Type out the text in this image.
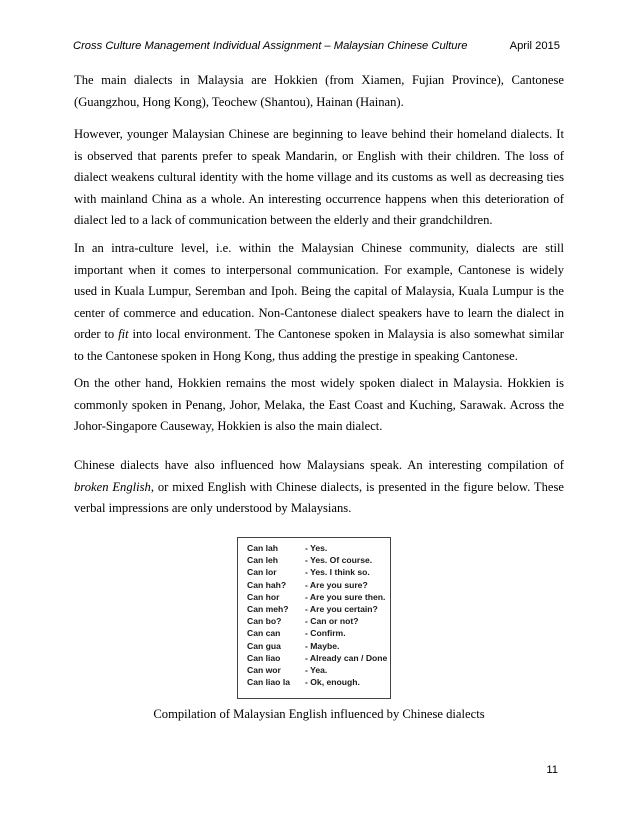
Cross Culture Management Individual Assignment – Malaysian Chinese Culture	April 2015

The main dialects in Malaysia are Hokkien (from Xiamen, Fujian Province), Cantonese (Guangzhou, Hong Kong), Teochew (Shantou), Hainan (Hainan).

However, younger Malaysian Chinese are beginning to leave behind their homeland dialects. It is observed that parents prefer to speak Mandarin, or English with their children. The loss of dialect weakens cultural identity with the home village and its customs as well as decreasing ties with mainland China as a whole. An interesting occurrence happens when this deterioration of dialect led to a lack of communication between the elderly and their grandchildren.

In an intra-culture level, i.e. within the Malaysian Chinese community, dialects are still important when it comes to interpersonal communication. For example, Cantonese is widely used in Kuala Lumpur, Seremban and Ipoh. Being the capital of Malaysia, Kuala Lumpur is the center of commerce and education. Non-Cantonese dialect speakers have to learn the dialect in order to fit into local environment. The Cantonese spoken in Malaysia is also somewhat similar to the Cantonese spoken in Hong Kong, thus adding the prestige in speaking Cantonese.

On the other hand, Hokkien remains the most widely spoken dialect in Malaysia. Hokkien is commonly spoken in Penang, Johor, Melaka, the East Coast and Kuching, Sarawak. Across the Johor-Singapore Causeway, Hokkien is also the main dialect.

Chinese dialects have also influenced how Malaysians speak. An interesting compilation of broken English, or mixed English with Chinese dialects, is presented in the figure below. These verbal impressions are only understood by Malaysians.

Can lah	- Yes.
Can leh	- Yes. Of course.
Can lor	- Yes. I think so.
Can hah?	- Are you sure?
Can hor	- Are you sure then.
Can meh?	- Are you certain?
Can bo?	- Can or not?
Can can	- Confirm.
Can gua	- Maybe.
Can liao	- Already can / Done
Can wor	- Yea.
Can liao la	- Ok, enough.
Compilation of Malaysian English influenced by Chinese dialects
11
